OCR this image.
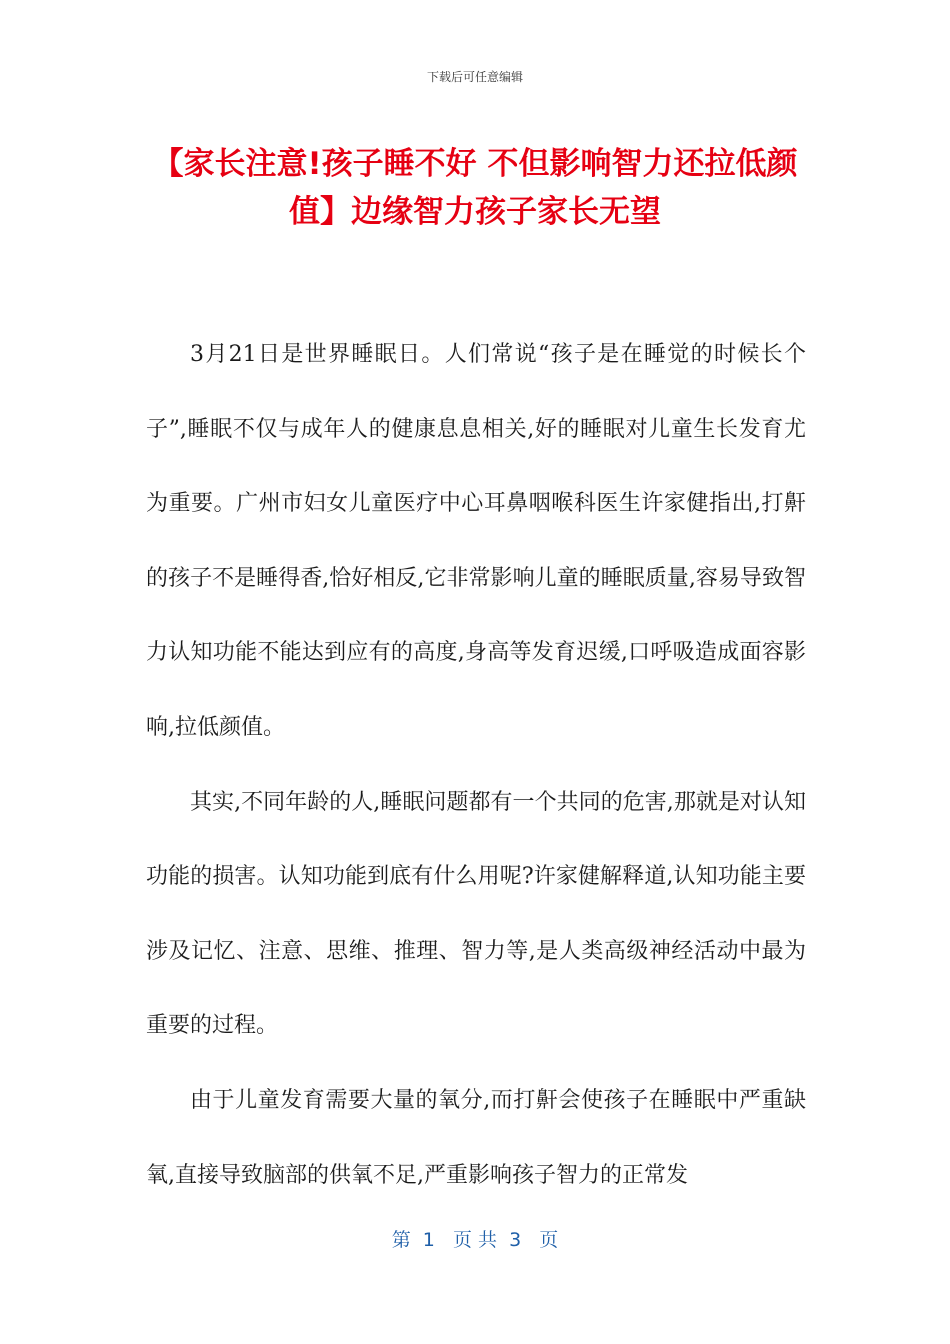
下载后可任意编辑
【家长注意!孩子睡不好 不但影响智力还拉低颜值】边缘智力孩子家长无望

3月21日是世界睡眠日。人们常说“孩子是在睡觉的时候长个子”,睡眠不仅与成年人的健康息息相关,好的睡眠对儿童生长发育尤为重要。广州市妇女儿童医疗中心耳鼻咽喉科医生许家健指出,打鼾的孩子不是睡得香,恰好相反,它非常影响儿童的睡眠质量,容易导致智力认知功能不能达到应有的高度,身高等发育迟缓,口呼吸造成面容影响,拉低颜值。

其实,不同年龄的人,睡眠问题都有一个共同的危害,那就是对认知功能的损害。认知功能到底有什么用呢?许家健解释道,认知功能主要涉及记忆、注意、思维、推理、智力等,是人类高级神经活动中最为重要的过程。

由于儿童发育需要大量的氧分,而打鼾会使孩子在睡眠中严重缺氧,直接导致脑部的供氧不足,严重影响孩子智力的正常发

第  1   页 共  3   页
